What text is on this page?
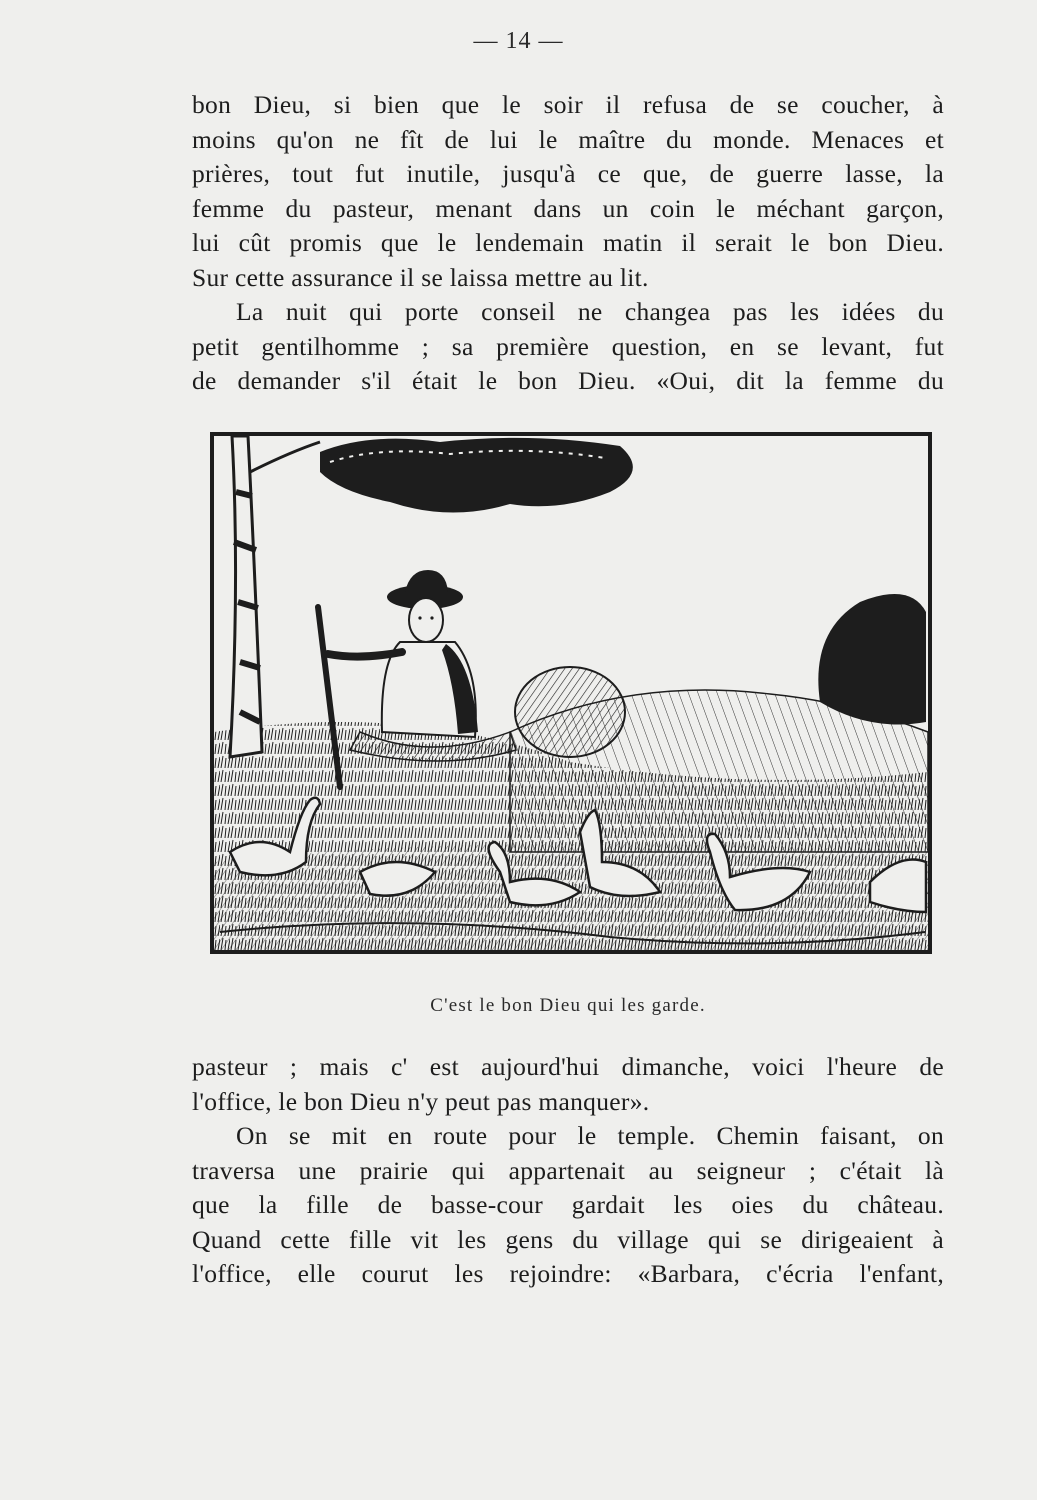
— 14 —
bon Dieu, si bien que le soir il refusa de se coucher, à
moins qu'on ne fît de lui le maître du monde. Menaces et
prières, tout fut inutile, jusqu'à ce que, de guerre lasse, la
femme du pasteur, menant dans un coin le méchant garçon,
lui cût promis que le lendemain matin il serait le bon Dieu.
Sur cette assurance il se laissa mettre au lit.
La nuit qui porte conseil ne changea pas les idées du
petit gentilhomme ; sa première question, en se levant, fut
de demander s'il était le bon Dieu. «Oui, dit la femme du
C'est le bon Dieu qui les garde.
pasteur ; mais c' est aujourd'hui dimanche, voici l'heure de
l'office, le bon Dieu n'y peut pas manquer».
On se mit en route pour le temple. Chemin faisant, on
traversa une prairie qui appartenait au seigneur ; c'était là
que la fille de basse-cour gardait les oies du château.
Quand cette fille vit les gens du village qui se dirigeaient à
l'office, elle courut les rejoindre: «Barbara, c'écria l'enfant,
